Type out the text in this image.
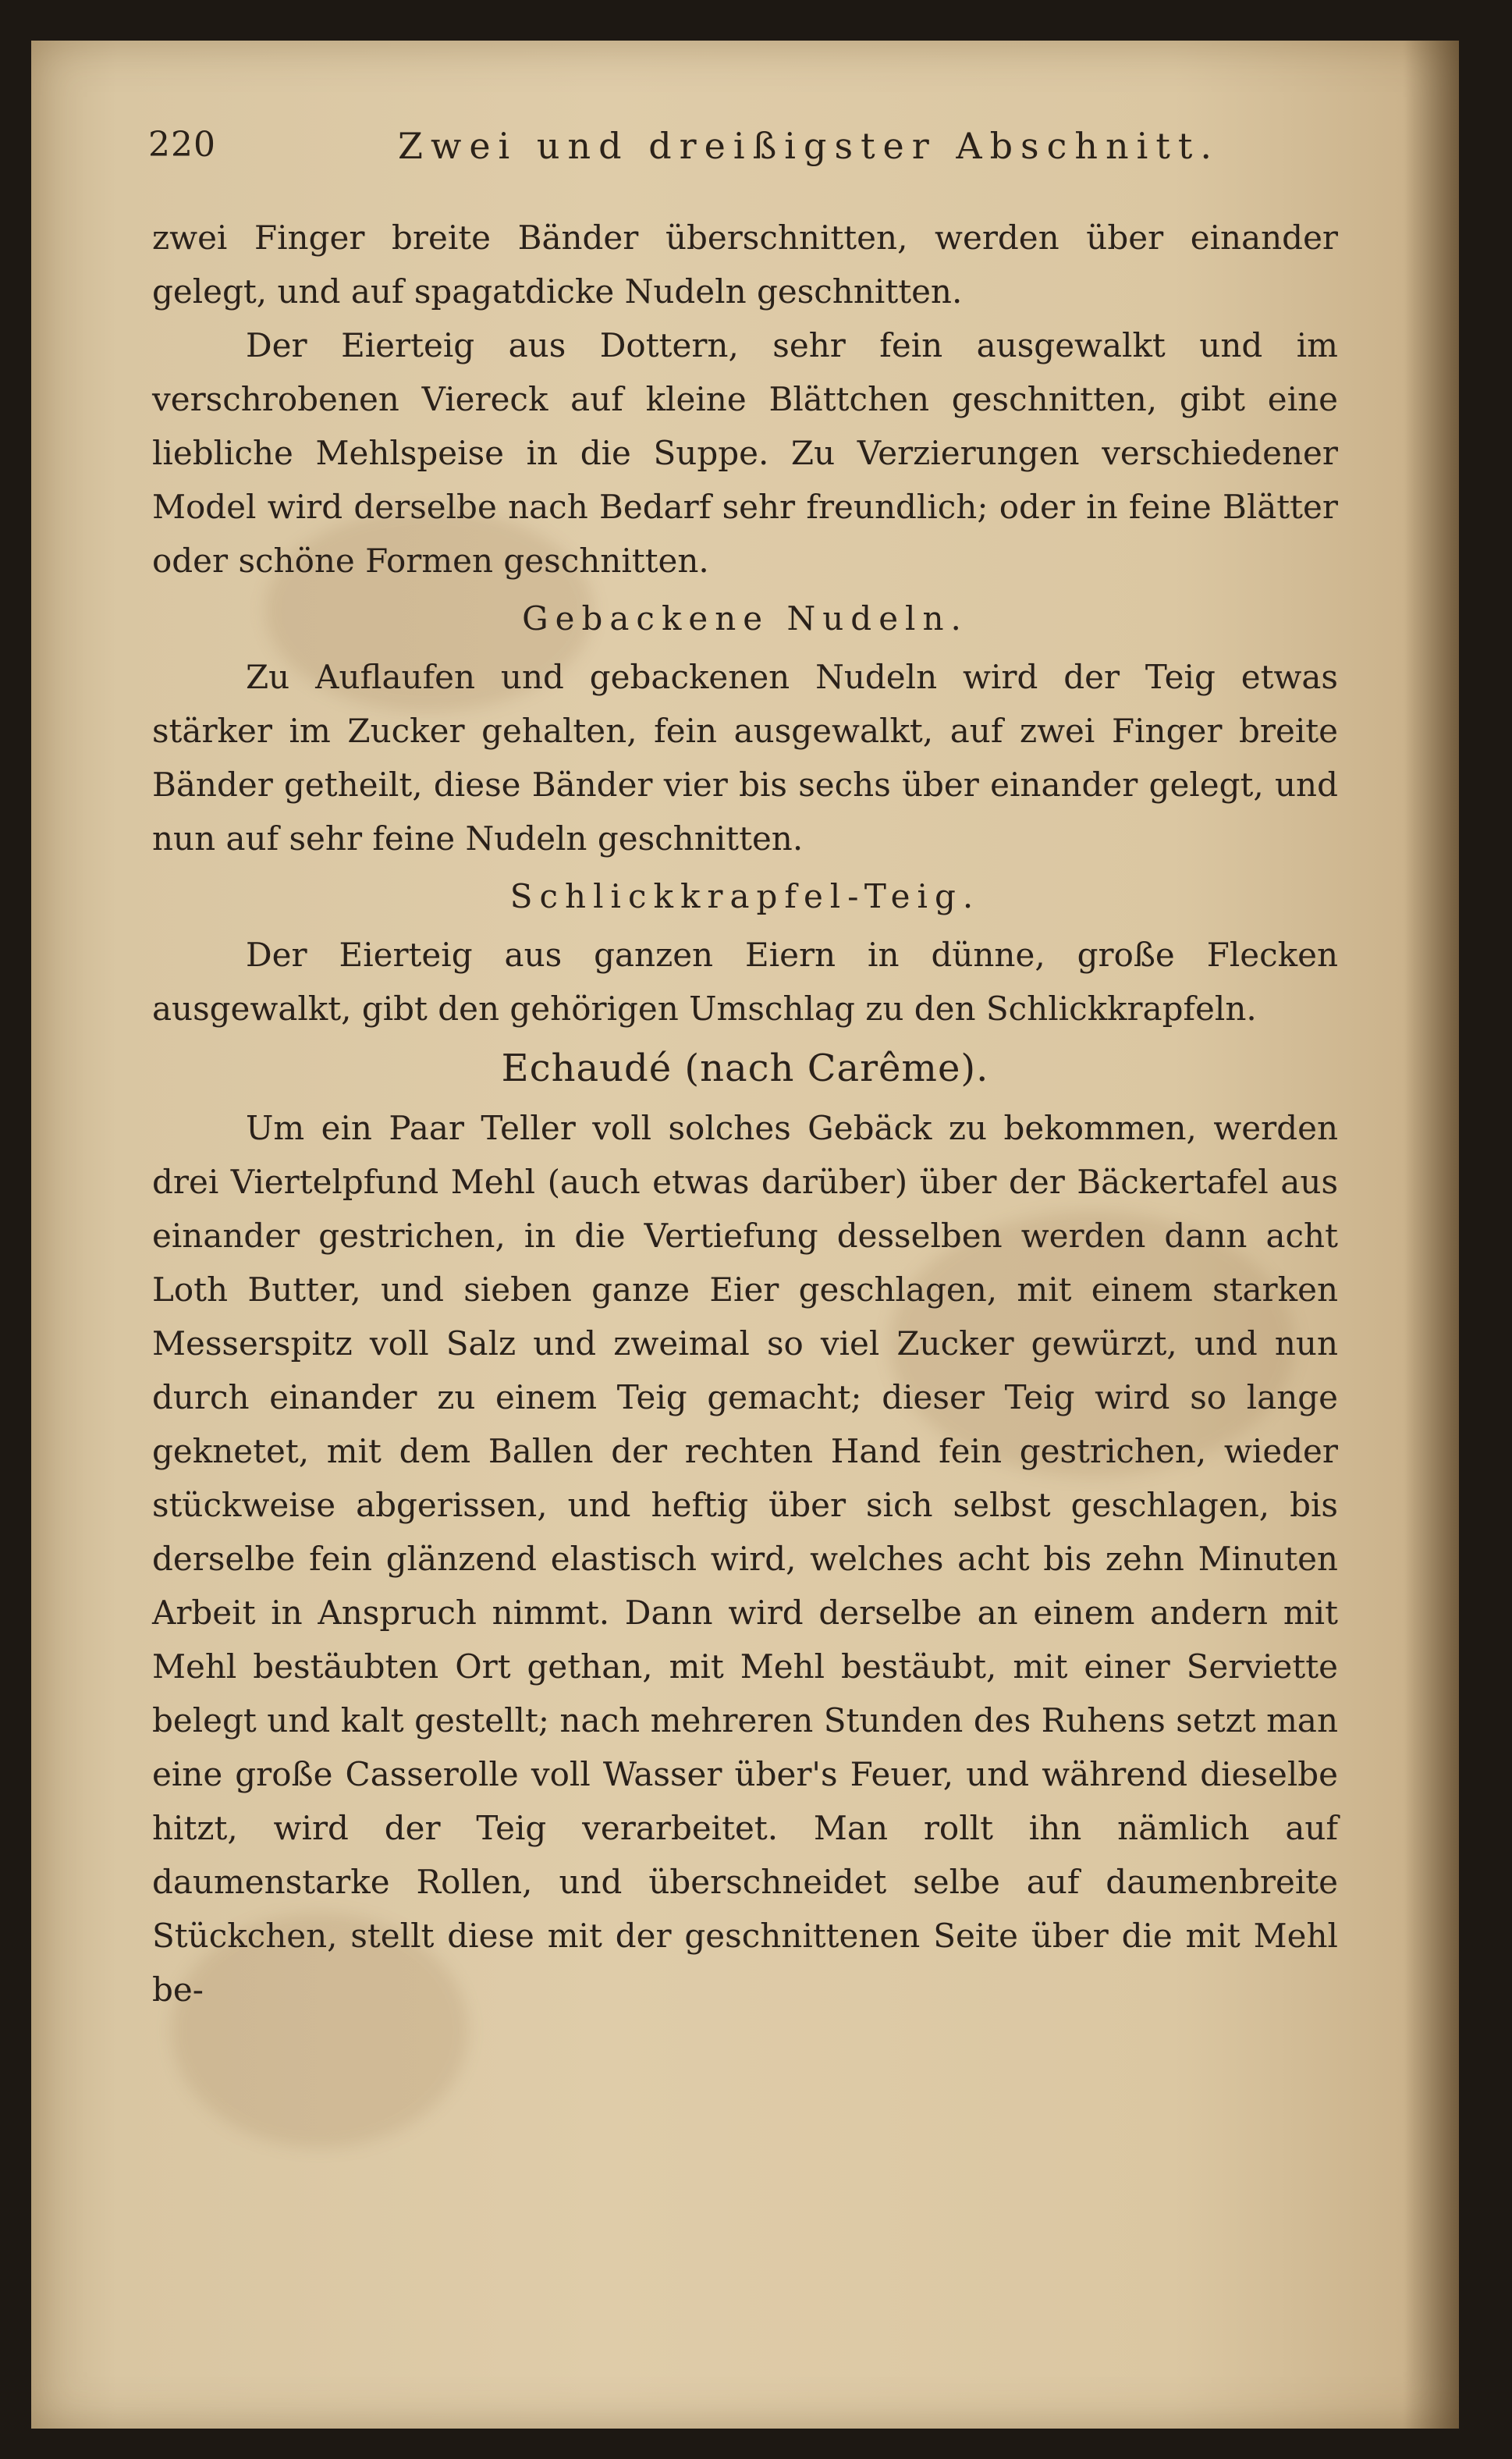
220	Zwei und dreißigster Abschnitt.

zwei Finger breite Bänder überschnitten, werden über einander gelegt, und auf spagatdicke Nudeln geschnitten.

Der Eierteig aus Dottern, sehr fein ausgewalkt und im verschrobenen Viereck auf kleine Blättchen geschnitten, gibt eine liebliche Mehlspeise in die Suppe. Zu Verzierungen verschiedener Model wird derselbe nach Bedarf sehr freundlich; oder in feine Blätter oder schöne Formen geschnitten.

Gebackene Nudeln.

Zu Auflaufen und gebackenen Nudeln wird der Teig etwas stärker im Zucker gehalten, fein ausgewalkt, auf zwei Finger breite Bänder getheilt, diese Bänder vier bis sechs über einander gelegt, und nun auf sehr feine Nudeln geschnitten.

Schlickkrapfel-Teig.

Der Eierteig aus ganzen Eiern in dünne, große Flecken ausgewalkt, gibt den gehörigen Umschlag zu den Schlickkrapfeln.

Echaudé (nach Carême).

Um ein Paar Teller voll solches Gebäck zu bekommen, werden drei Viertelpfund Mehl (auch etwas darüber) über der Bäckertafel aus einander gestrichen, in die Vertiefung desselben werden dann acht Loth Butter, und sieben ganze Eier geschlagen, mit einem starken Messerspitz voll Salz und zweimal so viel Zucker gewürzt, und nun durch einander zu einem Teig gemacht; dieser Teig wird so lange geknetet, mit dem Ballen der rechten Hand fein gestrichen, wieder stückweise abgerissen, und heftig über sich selbst geschlagen, bis derselbe fein glänzend elastisch wird, welches acht bis zehn Minuten Arbeit in Anspruch nimmt. Dann wird derselbe an einem andern mit Mehl bestäubten Ort gethan, mit Mehl bestäubt, mit einer Serviette belegt und kalt gestellt; nach mehreren Stunden des Ruhens setzt man eine große Casserolle voll Wasser über's Feuer, und während dieselbe hitzt, wird der Teig verarbeitet. Man rollt ihn nämlich auf daumenstarke Rollen, und überschneidet selbe auf daumenbreite Stückchen, stellt diese mit der geschnittenen Seite über die mit Mehl be-
